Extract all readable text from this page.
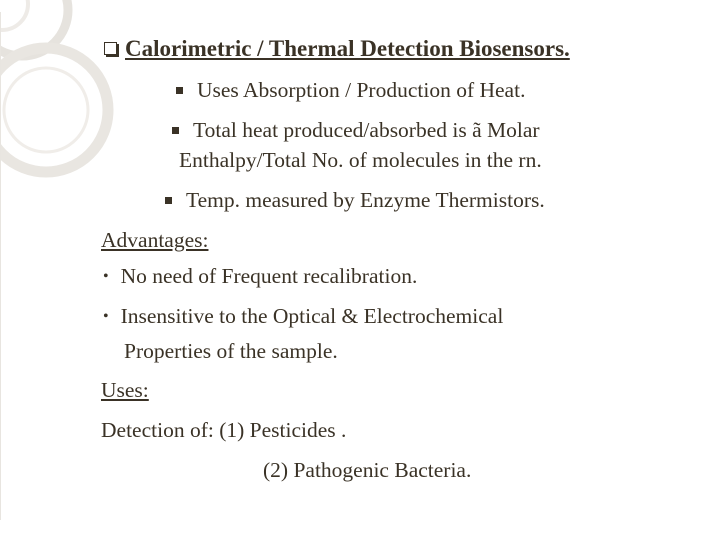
Calorimetric / Thermal Detection Biosensors.
Uses Absorption / Production of Heat.
Total heat produced/absorbed is ã Molar
Enthalpy/Total No. of molecules in the rn.
Temp. measured by Enzyme Thermistors.
Advantages:
• No need of Frequent recalibration.
• Insensitive to the Optical & Electrochemical
Properties of the sample.
Uses:
Detection of: (1) Pesticides .
(2) Pathogenic Bacteria.
